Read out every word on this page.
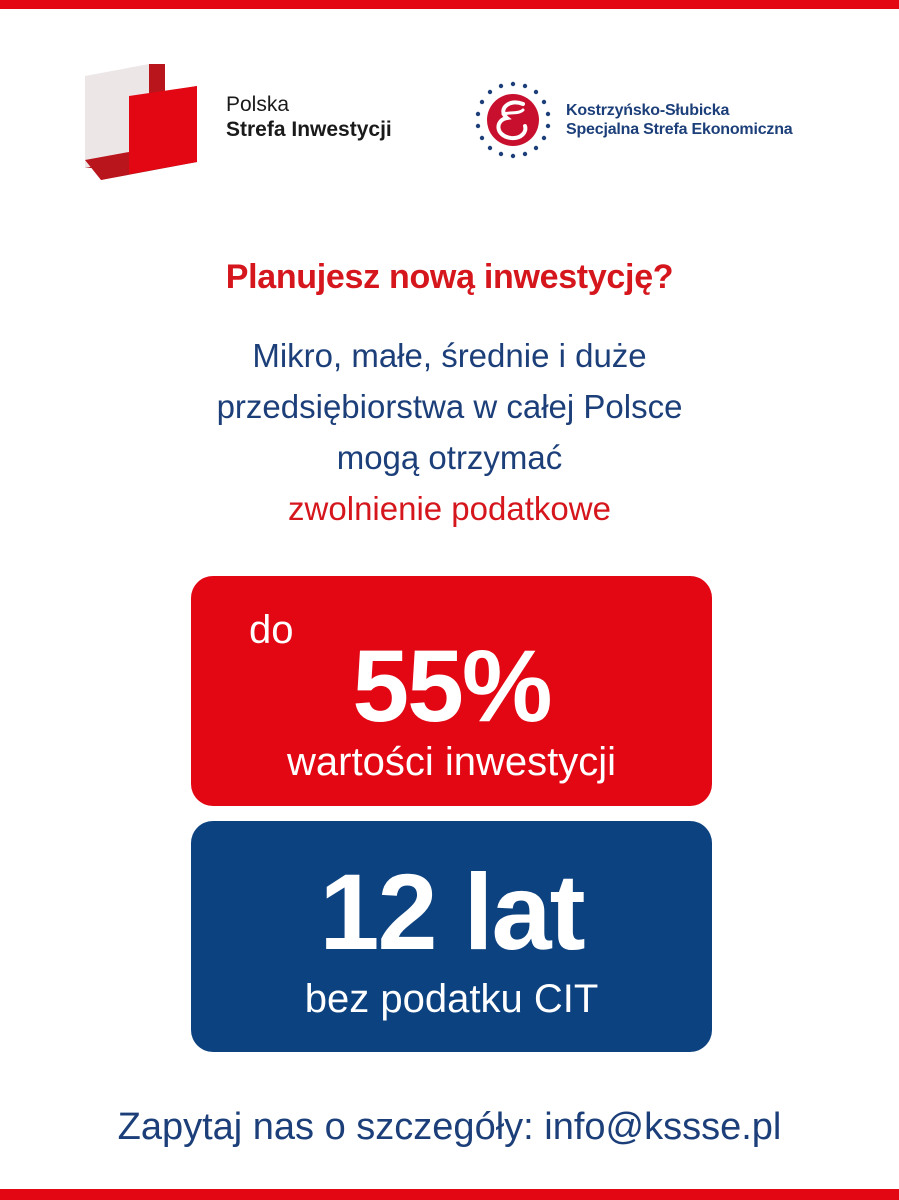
Polska
Strefa Inwestycji
Kostrzyńsko-Słubicka
Specjalna Strefa Ekonomiczna
Planujesz nową inwestycję?
Mikro, małe, średnie i duże
przedsiębiorstwa w całej Polsce
mogą otrzymać
zwolnienie podatkowe
do 55%
wartości inwestycji
12 lat
bez podatku CIT
Zapytaj nas o szczegóły: info@kssse.pl
